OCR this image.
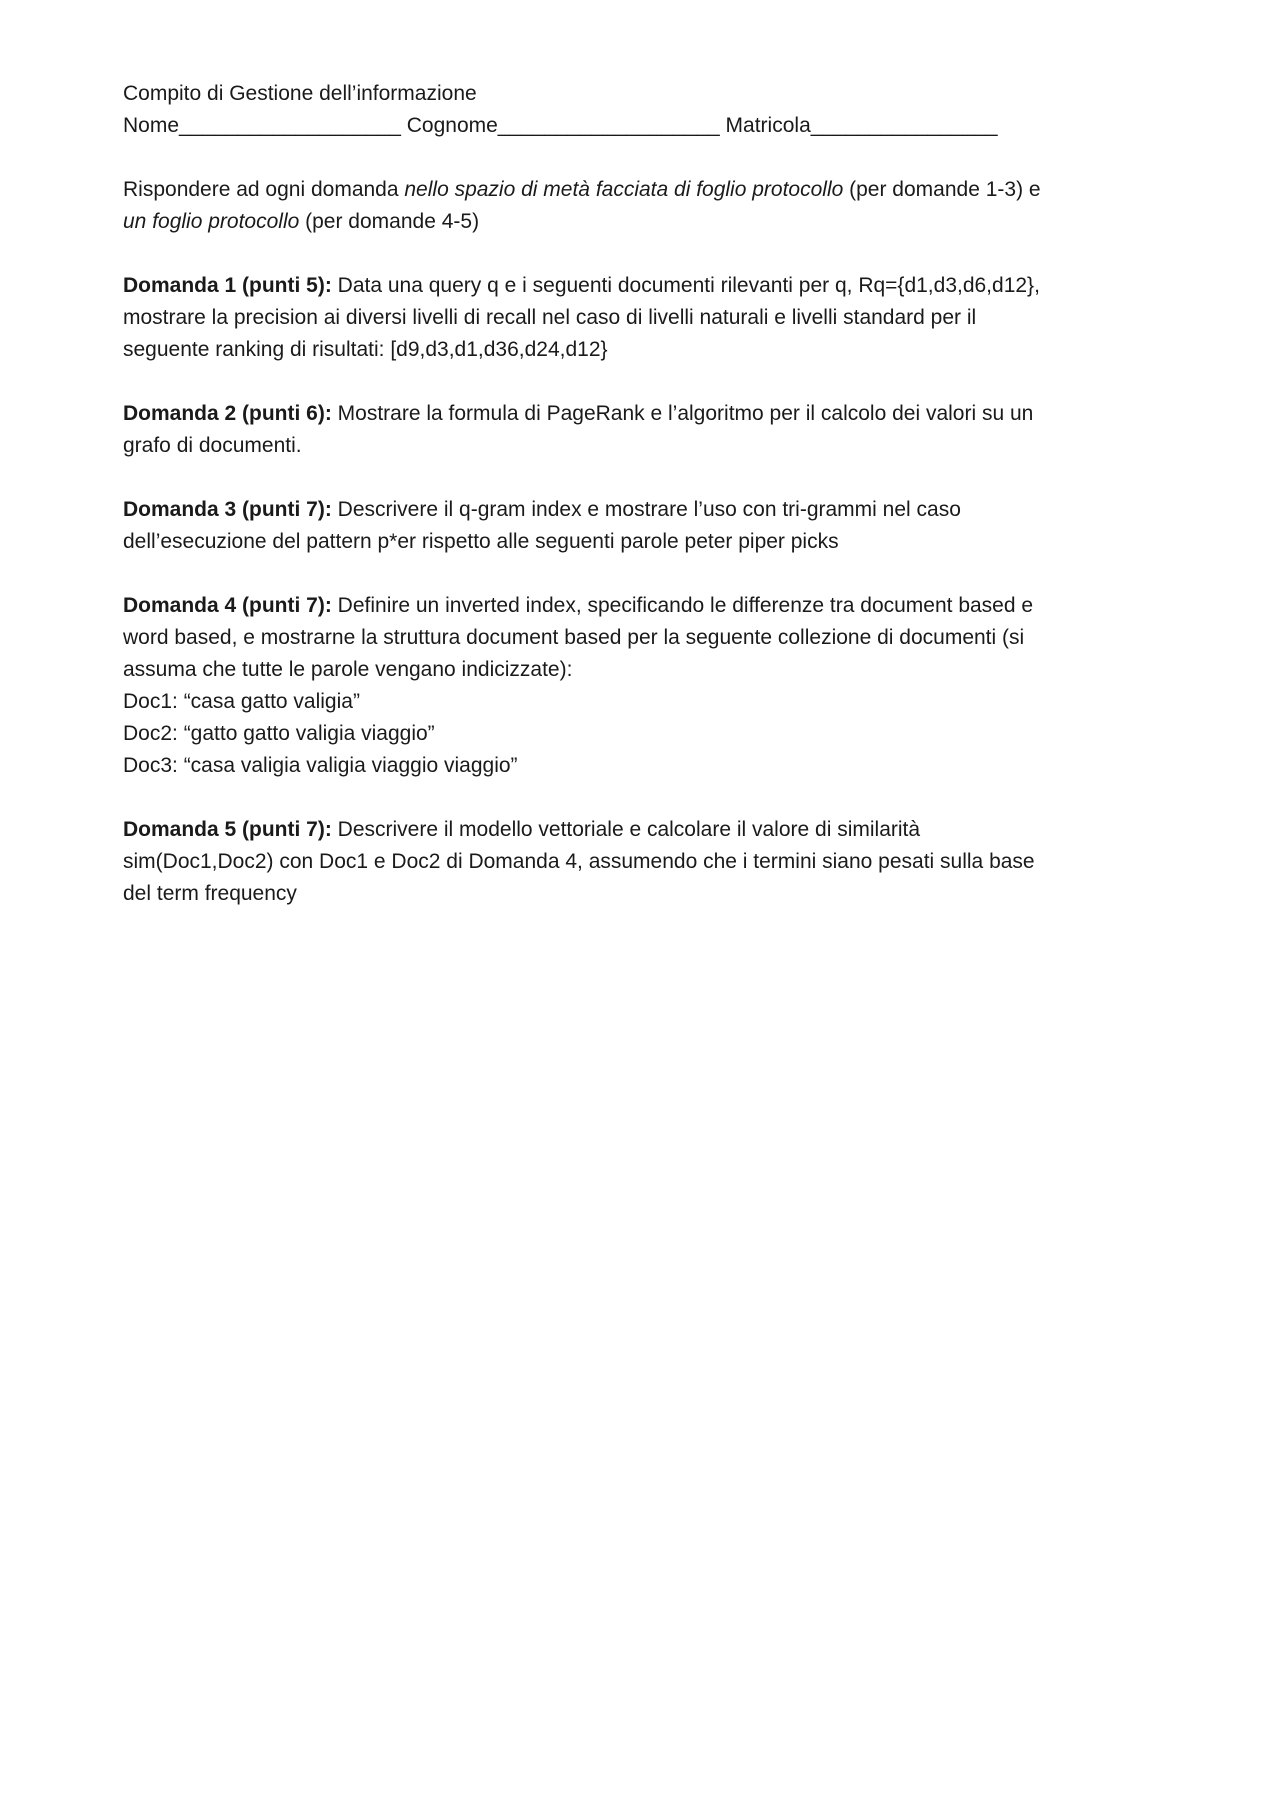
Compito di Gestione dell’informazione
Nome___________________ Cognome___________________ Matricola________________
Rispondere ad ogni domanda nello spazio di metà facciata di foglio protocollo (per domande 1-3) e
un foglio protocollo (per domande 4-5)
Domanda 1 (punti 5): Data una query q e i seguenti documenti rilevanti per q, Rq={d1,d3,d6,d12},
mostrare la precision ai diversi livelli di recall nel caso di livelli naturali e livelli standard per il
seguente ranking di risultati: [d9,d3,d1,d36,d24,d12}
Domanda 2 (punti 6): Mostrare la formula di PageRank e l’algoritmo per il calcolo dei valori su un
grafo di documenti.
Domanda 3 (punti 7): Descrivere il q-gram index e mostrare l’uso con tri-grammi nel caso
dell’esecuzione del pattern p*er rispetto alle seguenti parole peter piper picks
Domanda 4 (punti 7): Definire un inverted index, specificando le differenze tra document based e
word based, e mostrarne la struttura document based per la seguente collezione di documenti (si
assuma che tutte le parole vengano indicizzate):
Doc1: “casa gatto valigia”
Doc2: “gatto gatto valigia viaggio”
Doc3: “casa valigia valigia viaggio viaggio”
Domanda 5 (punti 7): Descrivere il modello vettoriale e calcolare il valore di similarità
sim(Doc1,Doc2) con Doc1 e Doc2 di Domanda 4, assumendo che i termini siano pesati sulla base
del term frequency
